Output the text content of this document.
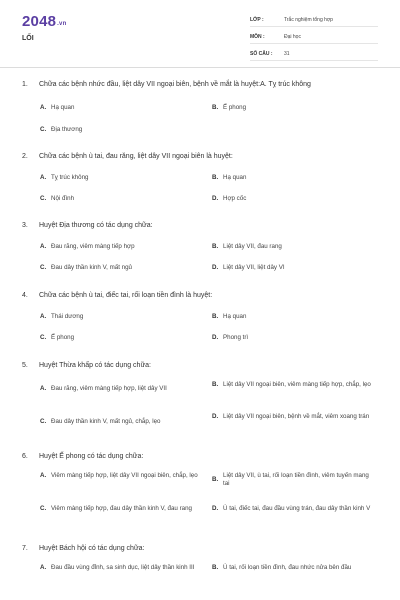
2048.vn
LỐI
LỚP :	Trắc nghiệm tổng hợp
MÔN :	Đại học
SỐ CÂU :	31
1. Chữa các bệnh nhức đầu, liệt dây VII ngoại biên, bệnh về mắt là huyệt:A. Tỵ trúc không
A. Hạ quan	B. Ế phong
C. Địa thương
2. Chữa các bệnh ù tai, đau răng, liệt dây VII ngoại biên là huyệt:
A. Tỵ trúc không	B. Hạ quan
C. Nội đình	D. Hợp cốc
3. Huyệt Địa thương có tác dụng chữa:
A. Đau răng, viêm màng tiếp hợp	B. Liệt dây VII, đau rang
C. Đau dây thần kinh V, mất ngủ	D. Liệt dây VII, liệt dây VI
4. Chữa các bệnh ù tai, điếc tai, rối loạn tiền đình là huyệt:
A. Thái dương	B. Hạ quan
C. Ế phong	D. Phong trì
5. Huyệt Thừa khấp có tác dụng chữa:
A. Đau răng, viêm màng tiếp hợp, liệt dây VII
B. Liệt dây VII ngoại biên, viêm màng tiếp hợp, chắp, lẹo
C. Đau dây thần kinh V, mất ngủ, chắp, lẹo
D. Liệt dây VII ngoại biên, bệnh về mắt, viêm xoang trán
6. Huyệt Ế phong có tác dụng chữa:
A. Viêm màng tiếp hợp, liệt dây VII ngoại biên, chắp, lẹo
B.
Liệt dây VII, ù tai, rối loạn tiền đình, viêm tuyến mang tai
C. Viêm màng tiếp hợp, đau dây thần kinh V, đau rang	D. Ù tai, điếc tai, đau đầu vùng trán, đau dây thần kinh V
7. Huyệt Bách hội có tác dụng chữa:
A. Đau đầu vùng đỉnh, sa sinh dục, liệt dây thần kinh III	B. Ù tai, rối loạn tiền đình, đau nhức nửa bên đầu
